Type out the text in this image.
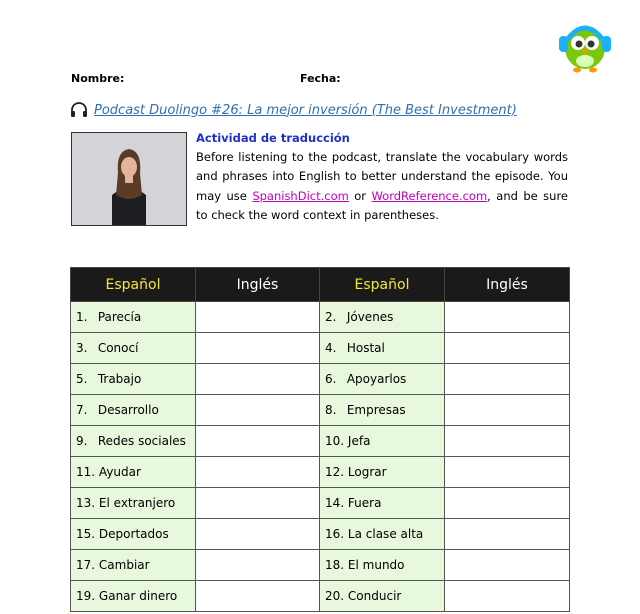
Nombre:	Fecha:
Podcast Duolingo #26: La mejor inversión (The Best Investment)
Actividad de traducción
Before listening to the podcast, translate the vocabulary words and phrases into English to better understand the episode. You may use SpanishDict.com or WordReference.com, and be sure to check the word context in parentheses.
Español	Inglés	Español	Inglés
1. Parecía		2. Jóvenes	
3. Conocí		4. Hostal	
5. Trabajo		6. Apoyarlos	
7. Desarrollo		8. Empresas	
9. Redes sociales		10. Jefa	
11. Ayudar		12. Lograr	
13. El extranjero		14. Fuera	
15. Deportados		16. La clase alta	
17. Cambiar		18. El mundo	
19. Ganar dinero		20. Conducir	
